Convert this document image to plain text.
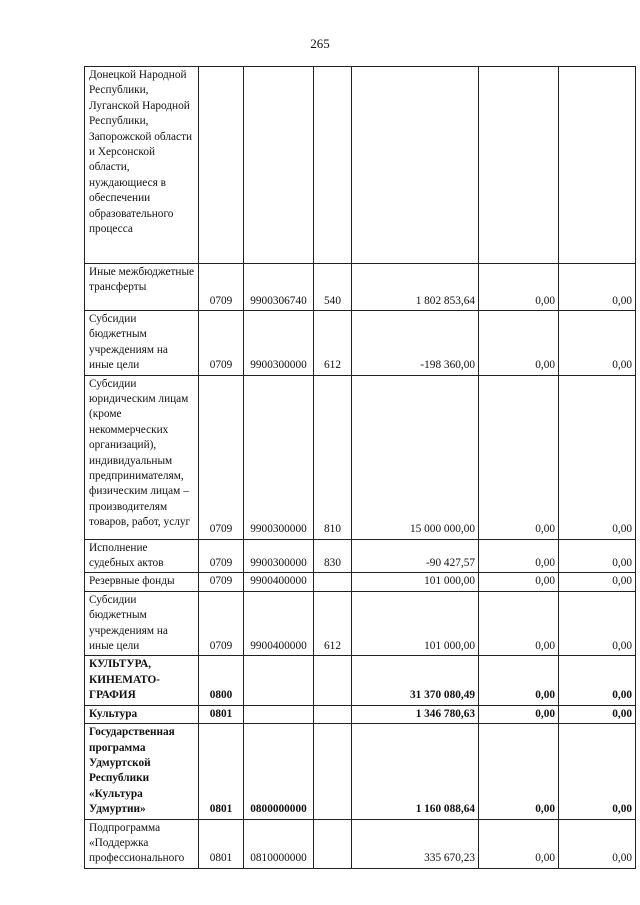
265
Донецкой Народной Республики, Луганской Народной Республики, Запорожской области и Херсонской области, нуждающиеся в обеспечении образовательного процесса						
Иные межбюджетные трансферты	0709	9900306740	540	1 802 853,64	0,00	0,00
Субсидии бюджетным учреждениям на иные цели	0709	9900300000	612	-198 360,00	0,00	0,00
Субсидии юридическим лицам (кроме некоммерческих организаций), индивидуальным предпринимателям, физическим лицам – производителям товаров, работ, услуг	0709	9900300000	810	15 000 000,00	0,00	0,00
Исполнение судебных актов	0709	9900300000	830	-90 427,57	0,00	0,00
Резервные фонды	0709	9900400000		101 000,00	0,00	0,00
Субсидии бюджетным учреждениям на иные цели	0709	9900400000	612	101 000,00	0,00	0,00
КУЛЬТУРА, КИНЕМАТО-ГРАФИЯ	0800			31 370 080,49	0,00	0,00
Культура	0801			1 346 780,63	0,00	0,00
Государственная программа Удмуртской Республики «Культура Удмуртии»	0801	0800000000		1 160 088,64	0,00	0,00
Подпрограмма «Поддержка профессионального	0801	0810000000		335 670,23	0,00	0,00
